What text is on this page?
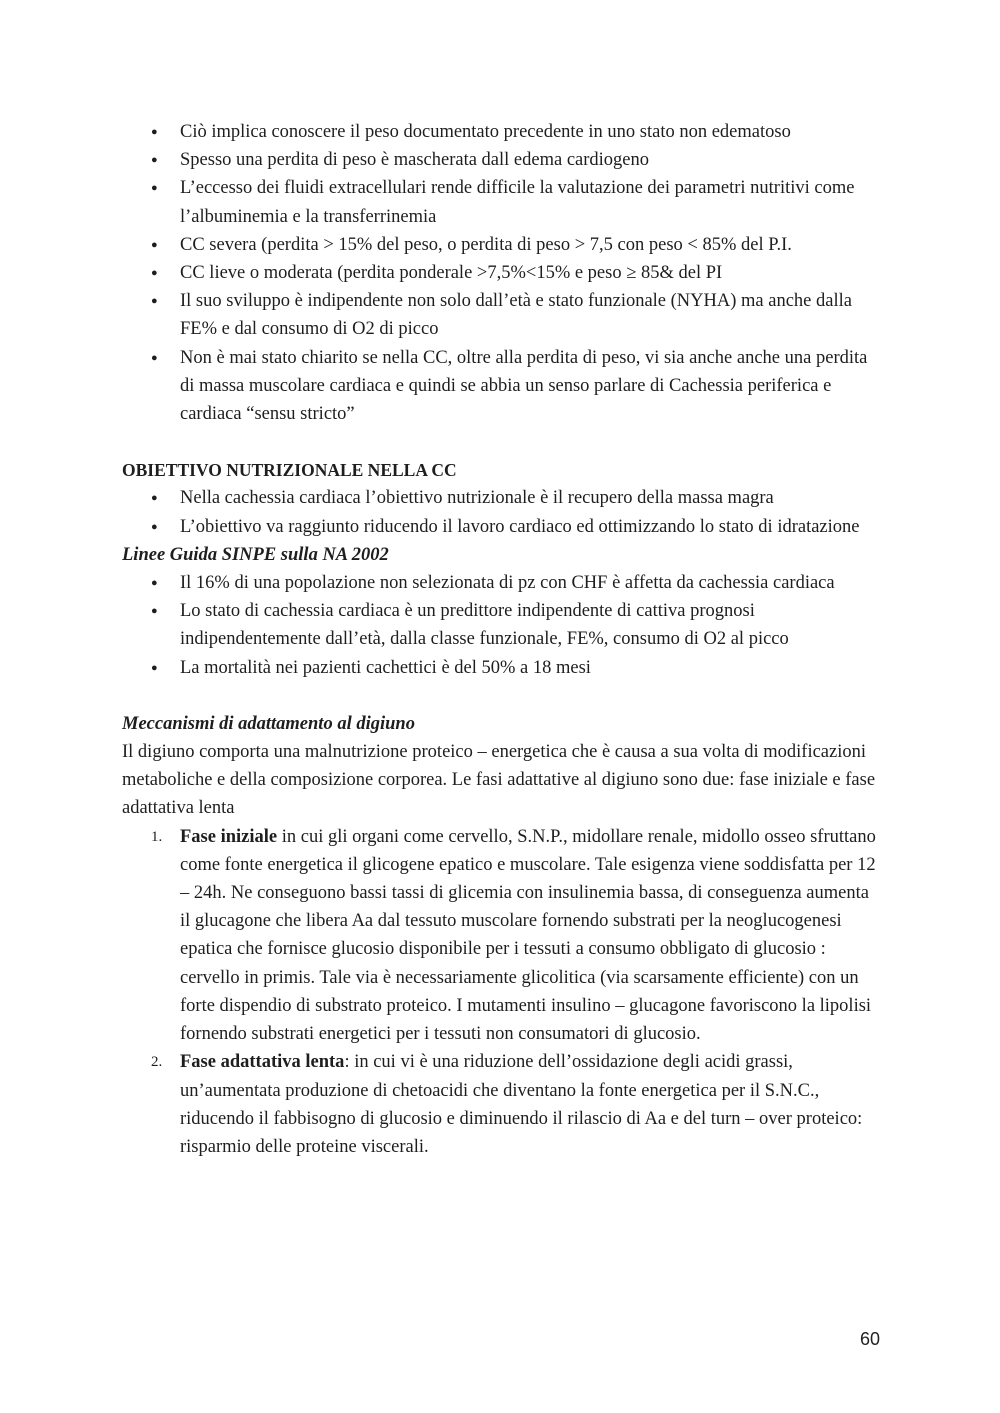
● Ciò implica conoscere il peso documentato precedente in uno stato non edematoso
● Spesso una perdita di peso è mascherata dall edema cardiogeno
● L’eccesso dei fluidi extracellulari rende difficile la valutazione dei parametri nutritivi come l’albuminemia e la transferrinemia
● CC severa (perdita > 15% del peso, o perdita di peso > 7,5 con peso < 85% del P.I.
● CC lieve o moderata (perdita ponderale >7,5%<15% e peso ≥ 85& del PI
● Il suo sviluppo è indipendente non solo dall’età e stato funzionale (NYHA) ma anche dalla FE% e dal consumo di O2 di picco
● Non è mai stato chiarito se nella CC, oltre alla perdita di peso, vi sia anche anche una perdita di massa muscolare cardiaca e quindi se abbia un senso parlare di Cachessia periferica e cardiaca “sensu stricto”

OBIETTIVO NUTRIZIONALE NELLA CC

● Nella cachessia cardiaca l’obiettivo nutrizionale è il recupero della massa magra
● L’obiettivo va raggiunto riducendo il lavoro cardiaco ed ottimizzando lo stato di idratazione

Linee Guida SINPE sulla NA 2002

● Il 16% di una popolazione non selezionata di pz con CHF è affetta da cachessia cardiaca
● Lo stato di cachessia cardiaca è un predittore indipendente di cattiva prognosi indipendentemente dall’età, dalla classe funzionale, FE%, consumo di O2 al picco
● La mortalità nei pazienti cachettici è del 50% a 18 mesi

Meccanismi di adattamento al digiuno

Il digiuno comporta una malnutrizione proteico – energetica che è causa a sua volta di modificazioni metaboliche e della composizione corporea. Le fasi adattative al digiuno sono due: fase iniziale e fase adattativa lenta

1. Fase iniziale in cui gli organi come cervello, S.N.P., midollare renale, midollo osseo sfruttano come fonte energetica il glicogene epatico e muscolare. Tale esigenza viene soddisfatta per 12 – 24h. Ne conseguono bassi tassi di glicemia con insulinemia bassa, di conseguenza aumenta il glucagone che libera Aa dal tessuto muscolare fornendo substrati per la neoglucogenesi epatica che fornisce glucosio disponibile per i tessuti a consumo obbligato di glucosio : cervello in primis. Tale via è necessariamente glicolitica (via scarsamente efficiente) con un forte dispendio di substrato proteico. I mutamenti insulino – glucagone favoriscono la lipolisi fornendo substrati energetici per i tessuti non consumatori di glucosio.
2. Fase adattativa lenta: in cui vi è una riduzione dell’ossidazione degli acidi grassi, un’aumentata produzione di chetoacidi che diventano la fonte energetica per il S.N.C., riducendo il fabbisogno di glucosio e diminuendo il rilascio di Aa e del turn – over proteico: risparmio delle proteine viscerali.
60
